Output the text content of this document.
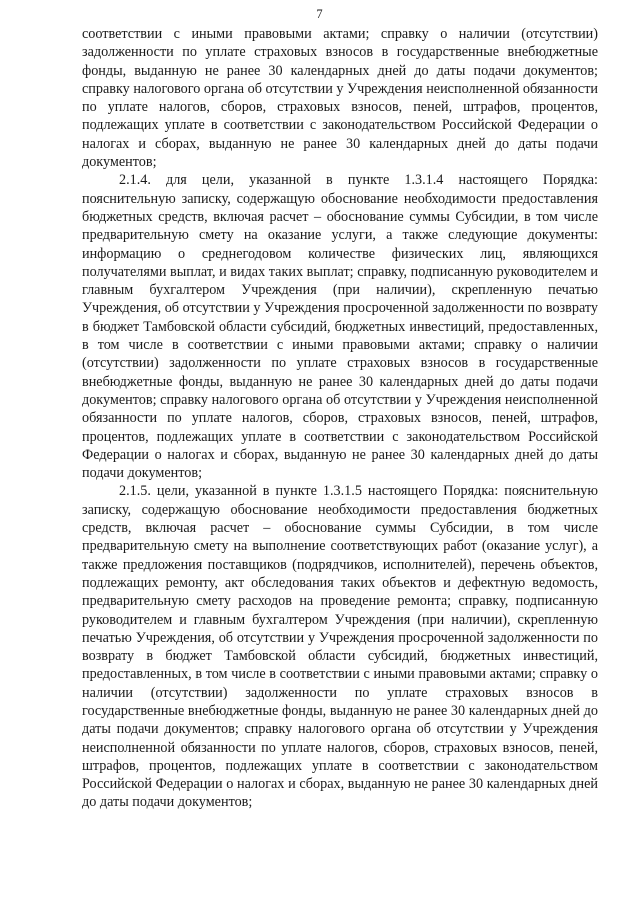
7

соответствии с иными правовыми актами; справку о наличии (отсутствии) задолженности по уплате страховых взносов в государственные внебюджетные фонды, выданную не ранее 30 календарных дней до даты подачи документов; справку налогового органа об отсутствии у Учреждения неисполненной обязанности по уплате налогов, сборов, страховых взносов, пеней, штрафов, процентов, подлежащих уплате в соответствии с законодательством Российской Федерации о налогах и сборах, выданную не ранее 30 календарных дней до даты подачи документов;

2.1.4. для цели, указанной в пункте 1.3.1.4 настоящего Порядка: пояснительную записку, содержащую обоснование необходимости предоставления бюджетных средств, включая расчет – обоснование суммы Субсидии, в том числе предварительную смету на оказание услуги, а также следующие документы: информацию о среднегодовом количестве физических лиц, являющихся получателями выплат, и видах таких выплат; справку, подписанную руководителем и главным бухгалтером Учреждения (при наличии), скрепленную печатью Учреждения, об отсутствии у Учреждения просроченной задолженности по возврату в бюджет Тамбовской области субсидий, бюджетных инвестиций, предоставленных, в том числе в соответствии с иными правовыми актами; справку о наличии (отсутствии) задолженности по уплате страховых взносов в государственные внебюджетные фонды, выданную не ранее 30 календарных дней до даты подачи документов; справку налогового органа об отсутствии у Учреждения неисполненной обязанности по уплате налогов, сборов, страховых взносов, пеней, штрафов, процентов, подлежащих уплате в соответствии с законодательством Российской Федерации о налогах и сборах, выданную не ранее 30 календарных дней до даты подачи документов;

2.1.5. цели, указанной в пункте 1.3.1.5 настоящего Порядка: пояснительную записку, содержащую обоснование необходимости предоставления бюджетных средств, включая расчет – обоснование суммы Субсидии, в том числе предварительную смету на выполнение соответствующих работ (оказание услуг), а также предложения поставщиков (подрядчиков, исполнителей), перечень объектов, подлежащих ремонту, акт обследования таких объектов и дефектную ведомость, предварительную смету расходов на проведение ремонта; справку, подписанную руководителем и главным бухгалтером Учреждения (при наличии), скрепленную печатью Учреждения, об отсутствии у Учреждения просроченной задолженности по возврату в бюджет Тамбовской области субсидий, бюджетных инвестиций, предоставленных, в том числе в соответствии с иными правовыми актами; справку о наличии (отсутствии) задолженности по уплате страховых взносов в государственные внебюджетные фонды, выданную не ранее 30 календарных дней до даты подачи документов; справку налогового органа об отсутствии у Учреждения неисполненной обязанности по уплате налогов, сборов, страховых взносов, пеней, штрафов, процентов, подлежащих уплате в соответствии с законодательством Российской Федерации о налогах и сборах, выданную не ранее 30 календарных дней до даты подачи документов;
